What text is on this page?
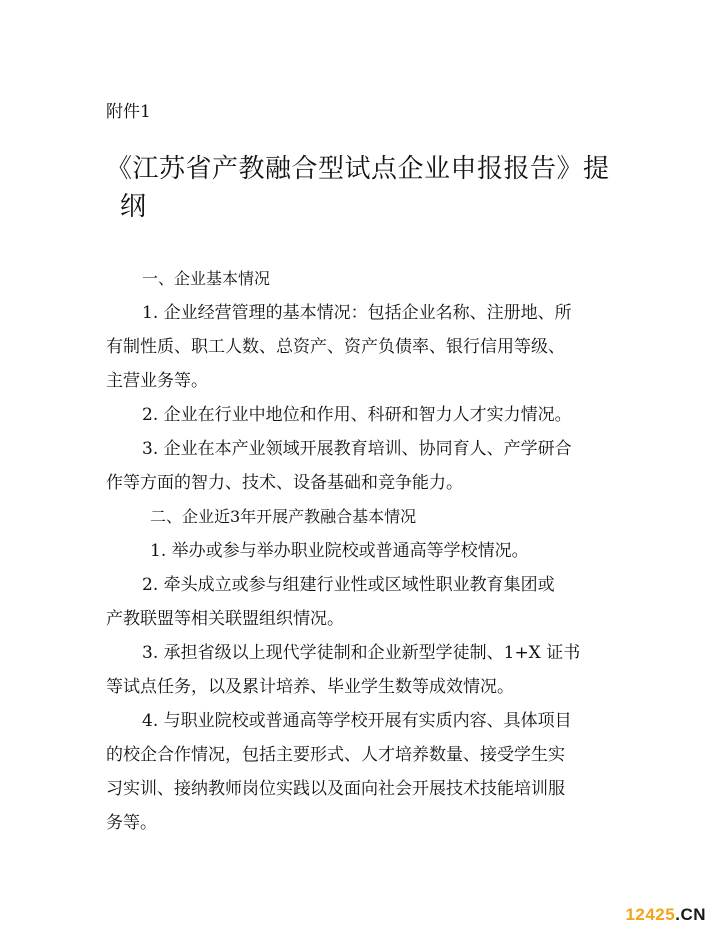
附件1
《江苏省产教融合型试点企业申报报告》提
纲
一、企业基本情况
1. 企业经营管理的基本情况：包括企业名称、注册地、所
有制性质、职工人数、总资产、资产负债率、银行信用等级、
主营业务等。
2. 企业在行业中地位和作用、科研和智力人才实力情况。
3. 企业在本产业领域开展教育培训、协同育人、产学研合
作等方面的智力、技术、设备基础和竞争能力。
二、企业近3年开展产教融合基本情况
1. 举办或参与举办职业院校或普通高等学校情况。
2. 牵头成立或参与组建行业性或区域性职业教育集团或
产教联盟等相关联盟组织情况。
3. 承担省级以上现代学徒制和企业新型学徒制、1+X 证书
等试点任务，以及累计培养、毕业学生数等成效情况。
4. 与职业院校或普通高等学校开展有实质内容、具体项目
的校企合作情况，包括主要形式、人才培养数量、接受学生实
习实训、接纳教师岗位实践以及面向社会开展技术技能培训服
务等。
12425.CN
